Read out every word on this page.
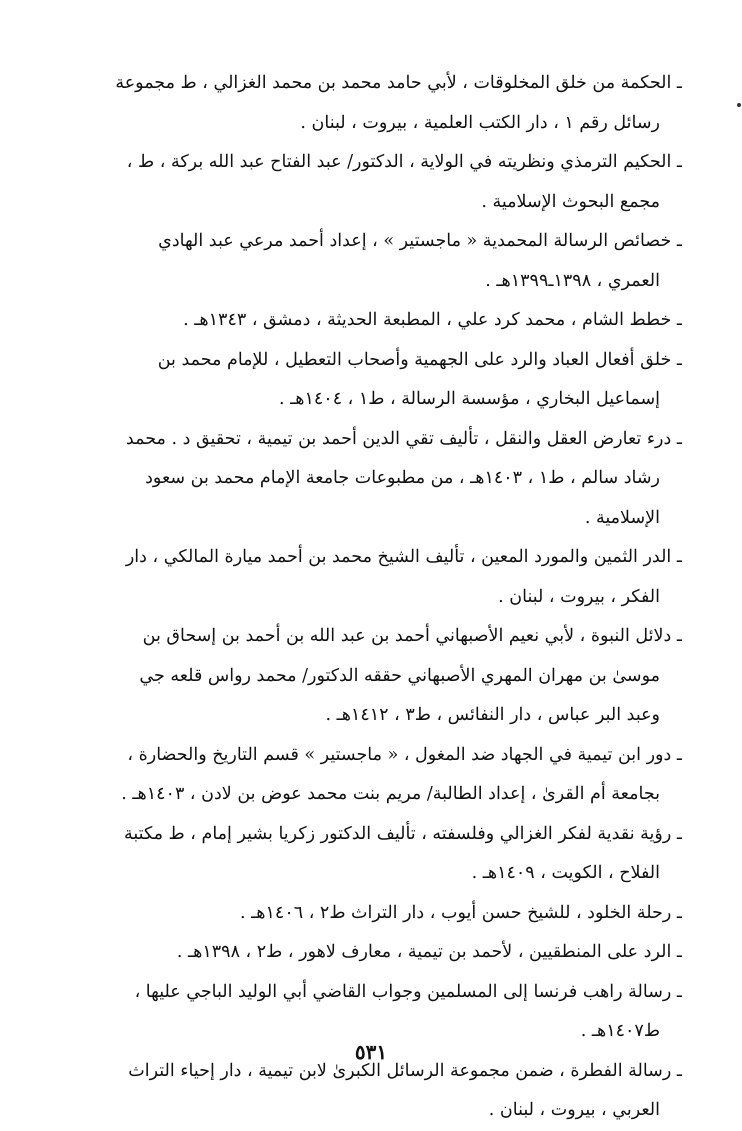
ـ الحكمة من خلق المخلوقات ، لأبي حامد محمد بن محمد الغزالي ، ط مجموعة
رسائل رقم ١ ، دار الكتب العلمية ، بيروت ، لبنان .
ـ الحكيم الترمذي ونظريته في الولاية ، الدكتور/ عبد الفتاح عبد الله بركة ، ط ،
مجمع البحوث الإسلامية .
ـ خصائص الرسالة المحمدية « ماجستير » ، إعداد أحمد مرعي عبد الهادي
العمري ، ١٣٩٨ـ١٣٩٩هـ .
ـ خطط الشام ، محمد كرد علي ، المطبعة الحديثة ، دمشق ، ١٣٤٣هـ .
ـ خلق أفعال العباد والرد على الجهمية وأصحاب التعطيل ، للإمام محمد بن
إسماعيل البخاري ، مؤسسة الرسالة ، ط١ ، ١٤٠٤هـ .
ـ درء تعارض العقل والنقل ، تأليف تقي الدين أحمد بن تيمية ، تحقيق د . محمد
رشاد سالم ، ط١ ، ١٤٠٣هـ ، من مطبوعات جامعة الإمام محمد بن سعود
الإسلامية .
ـ الدر الثمين والمورد المعين ، تأليف الشيخ محمد بن أحمد ميارة المالكي ، دار
الفكر ، بيروت ، لبنان .
ـ دلائل النبوة ، لأبي نعيم الأصبهاني أحمد بن عبد الله بن أحمد بن إسحاق بن
موسىٰ بن مهران المهري الأصبهاني حققه الدكتور/ محمد رواس قلعه جي
وعبد البر عباس ، دار النفائس ، ط٣ ، ١٤١٢هـ .
ـ دور ابن تيمية في الجهاد ضد المغول ، « ماجستير » قسم التاريخ والحضارة ،
بجامعة أم القرىٰ ، إعداد الطالبة/ مريم بنت محمد عوض بن لادن ، ١٤٠٣هـ .
ـ رؤية نقدية لفكر الغزالي وفلسفته ، تأليف الدكتور زكريا بشير إمام ، ط مكتبة
الفلاح ، الكويت ، ١٤٠٩هـ .
ـ رحلة الخلود ، للشيخ حسن أيوب ، دار التراث ط٢ ، ١٤٠٦هـ .
ـ الرد على المنطقيين ، لأحمد بن تيمية ، معارف لاهور ، ط٢ ، ١٣٩٨هـ .
ـ رسالة راهب فرنسا إلى المسلمين وجواب القاضي أبي الوليد الباجي عليها ،
ط١٤٠٧هـ .
ـ رسالة الفطرة ، ضمن مجموعة الرسائل الكبرىٰ لابن تيمية ، دار إحياء التراث
العربي ، بيروت ، لبنان .
٥٣١
